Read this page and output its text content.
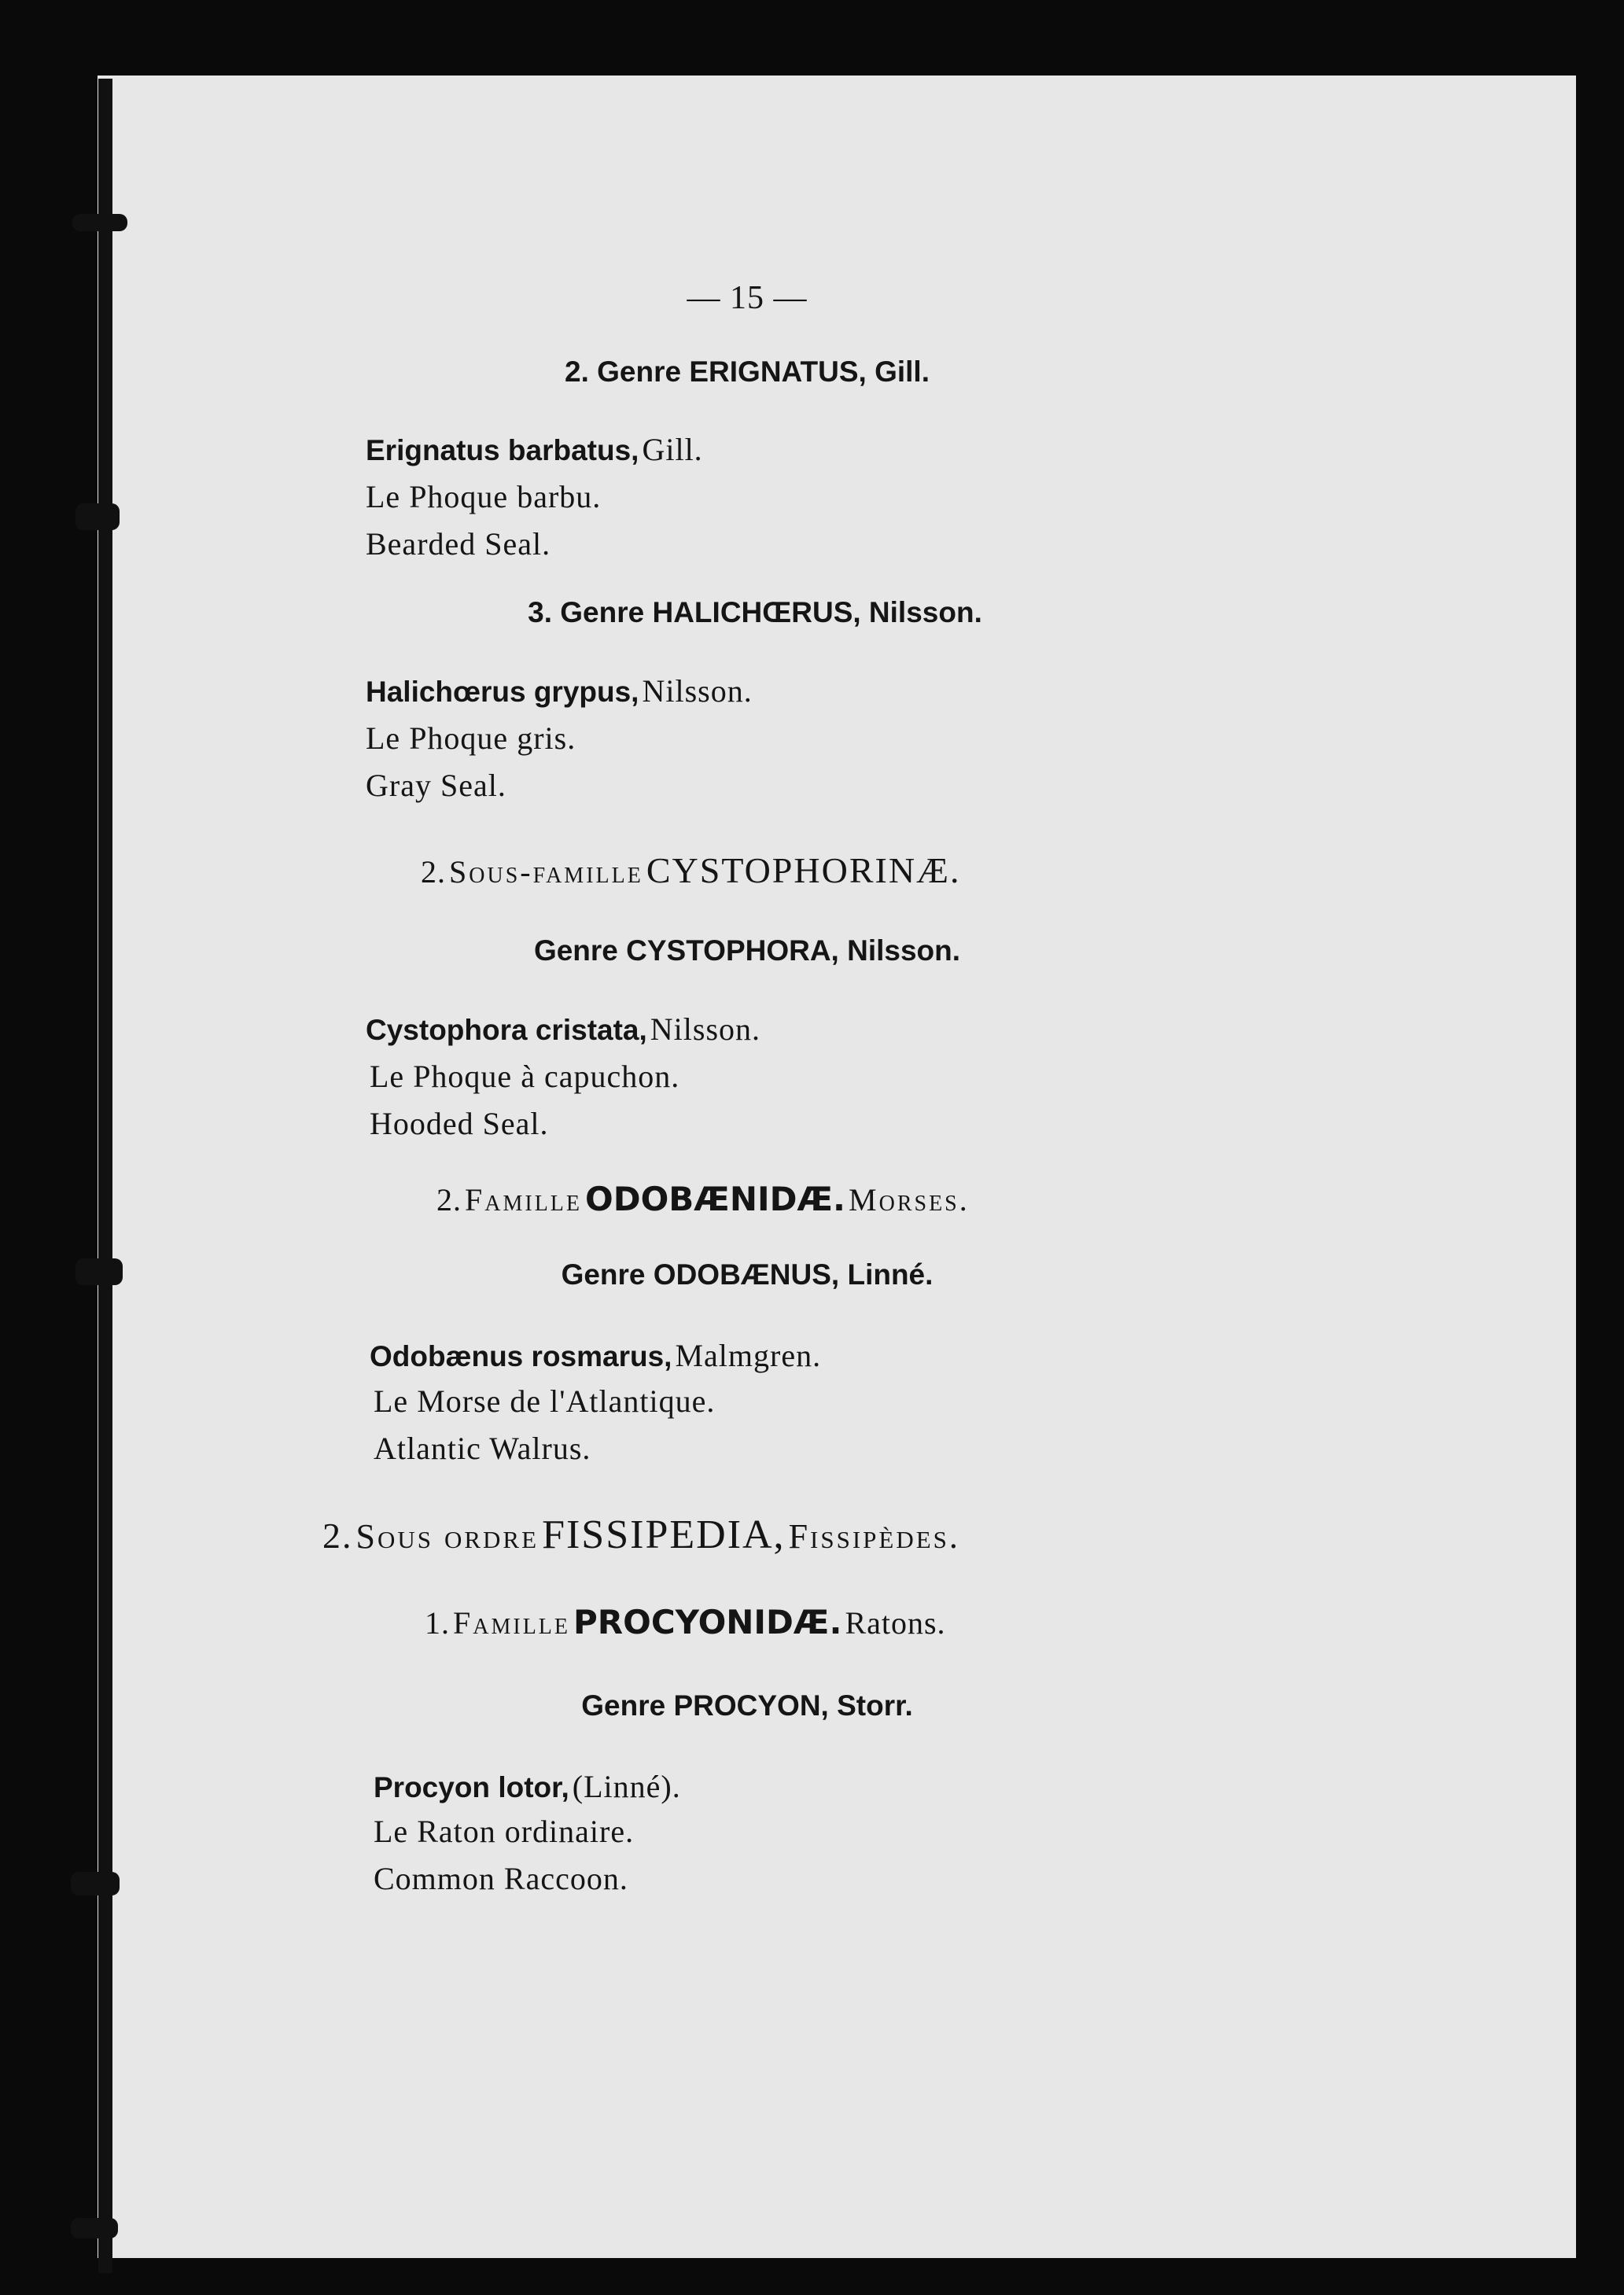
— 15 —
2. Genre ERIGNATUS, Gill.
Erignatus barbatus, Gill.
Le Phoque barbu.
Bearded Seal.
3. Genre HALICHŒRUS, Nilsson.
Halichœrus grypus, Nilsson.
Le Phoque gris.
Gray Seal.
2. Sous-famille CYSTOPHORINÆ.
Genre CYSTOPHORA, Nilsson.
Cystophora cristata, Nilsson.
Le Phoque à capuchon.
Hooded Seal.
2. Famille ODOBÆNIDÆ. Morses.
Genre ODOBÆNUS, Linné.
Odobænus rosmarus, Malmgren.
Le Morse de l'Atlantique.
Atlantic Walrus.
2. Sous ordre FISSIPEDIA, Fissipèdes.
1. Famille PROCYONIDÆ. Ratons.
Genre PROCYON, Storr.
Procyon lotor, (Linné).
Le Raton ordinaire.
Common Raccoon.
